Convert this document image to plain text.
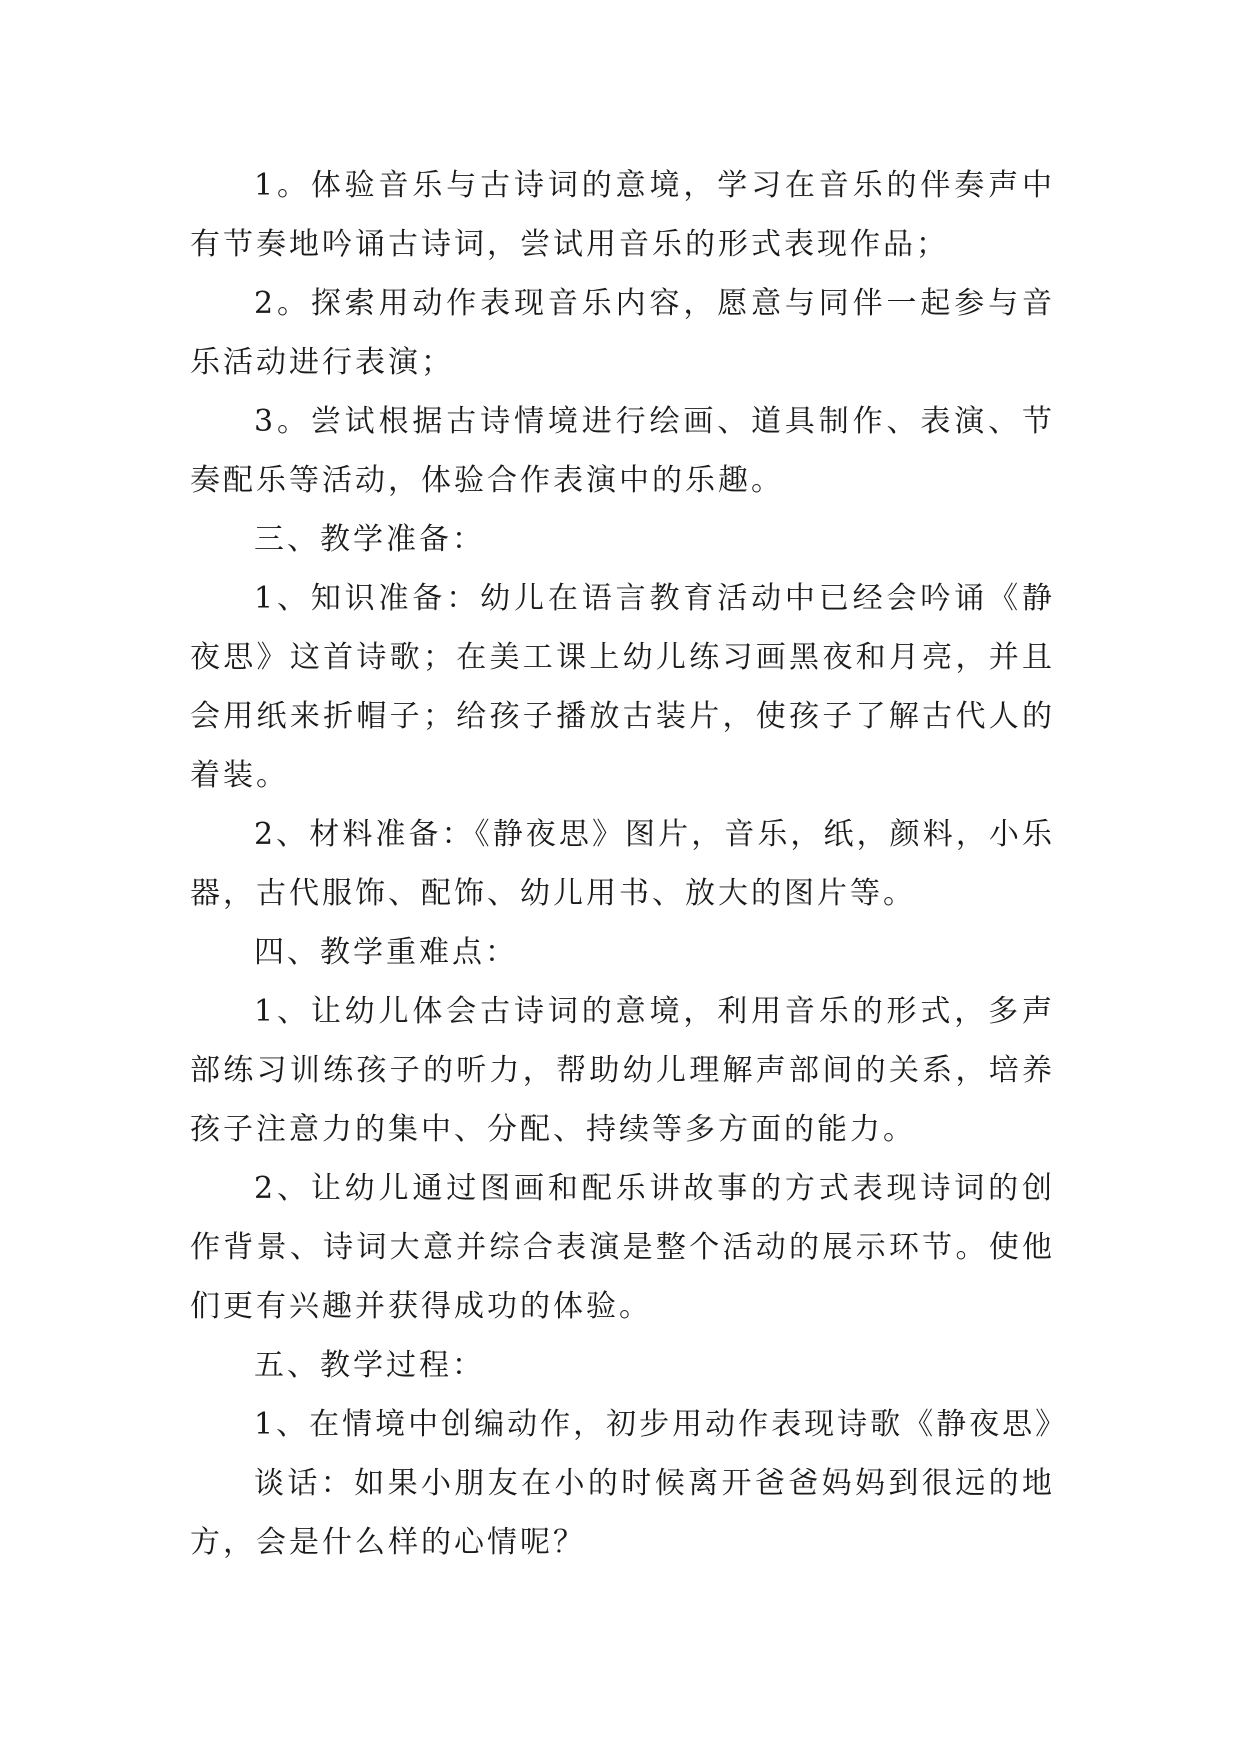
1。体验音乐与古诗词的意境，学习在音乐的伴奏声中有节奏地吟诵古诗词，尝试用音乐的形式表现作品；

2。探索用动作表现音乐内容，愿意与同伴一起参与音乐活动进行表演；

3。尝试根据古诗情境进行绘画、道具制作、表演、节奏配乐等活动，体验合作表演中的乐趣。

三、教学准备：

1、知识准备：幼儿在语言教育活动中已经会吟诵《静夜思》这首诗歌；在美工课上幼儿练习画黑夜和月亮，并且会用纸来折帽子；给孩子播放古装片，使孩子了解古代人的着装。

2、材料准备：《静夜思》图片，音乐，纸，颜料，小乐器，古代服饰、配饰、幼儿用书、放大的图片等。

四、教学重难点：

1、让幼儿体会古诗词的意境，利用音乐的形式，多声部练习训练孩子的听力，帮助幼儿理解声部间的关系，培养孩子注意力的集中、分配、持续等多方面的能力。

2、让幼儿通过图画和配乐讲故事的方式表现诗词的创作背景、诗词大意并综合表演是整个活动的展示环节。使他们更有兴趣并获得成功的体验。

五、教学过程：

1、在情境中创编动作，初步用动作表现诗歌《静夜思》

谈话：如果小朋友在小的时候离开爸爸妈妈到很远的地方，会是什么样的心情呢？
